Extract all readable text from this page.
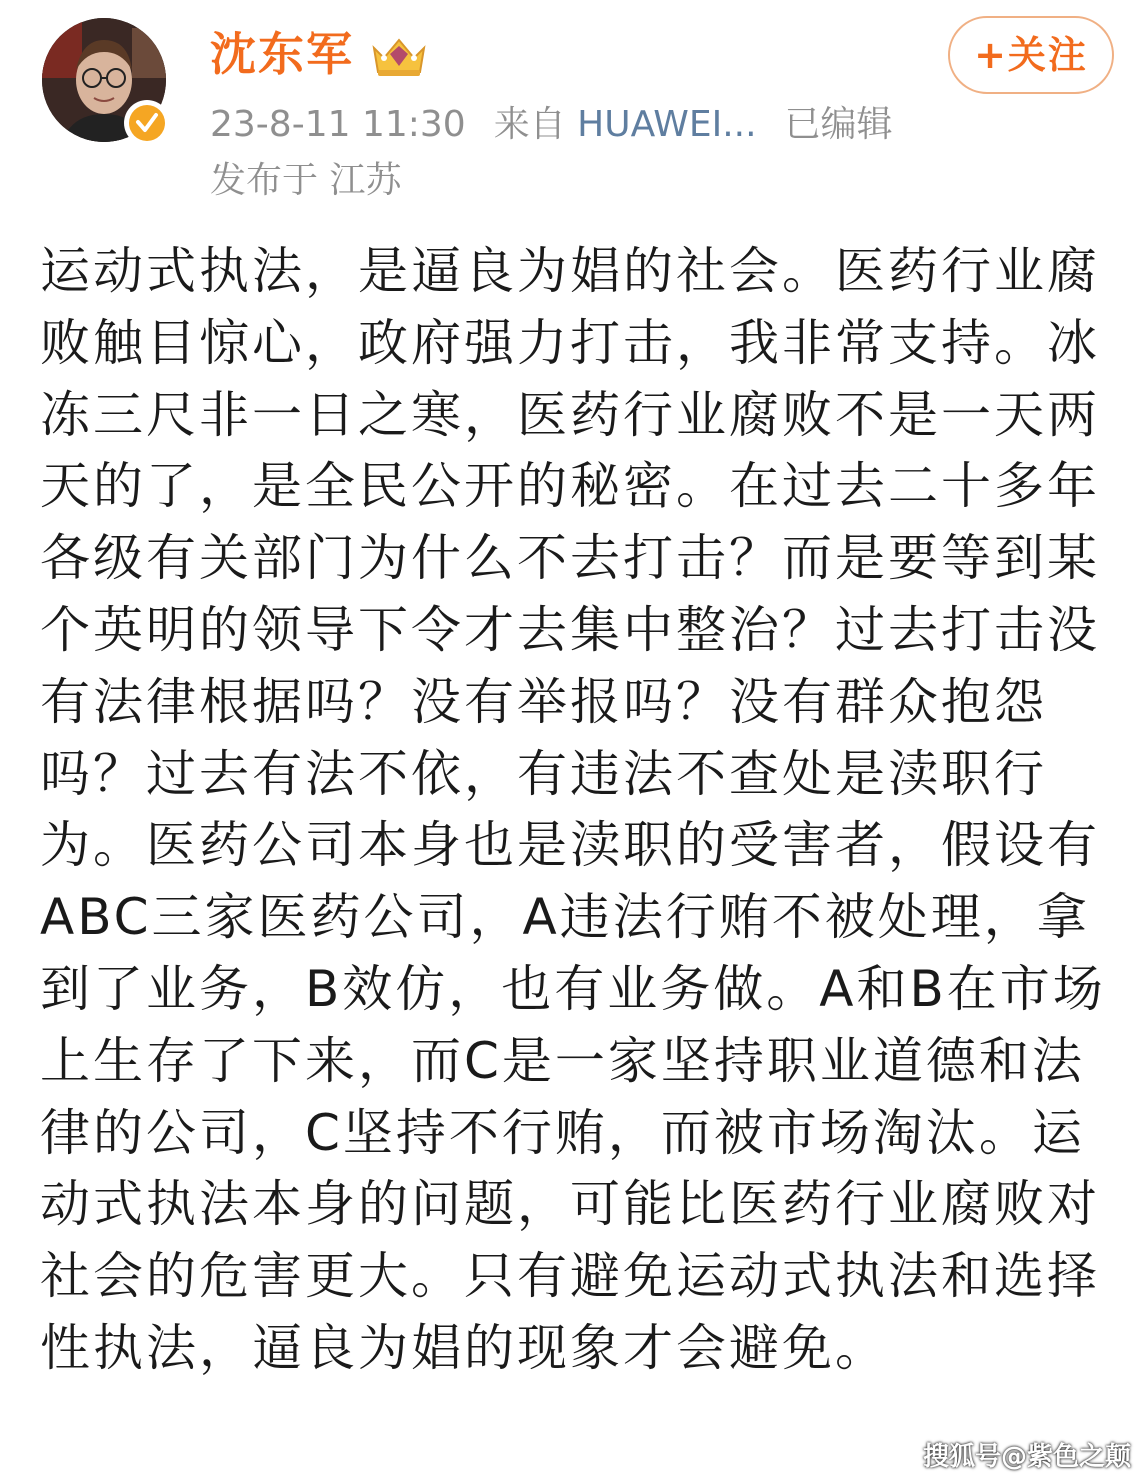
沈东军
23-8-11 11:30 来自 HUAWEI... 已编辑
发布于 江苏
+关注
运动式执法，是逼良为娼的社会。医药行业腐败触目惊心，政府强力打击，我非常支持。冰冻三尺非一日之寒，医药行业腐败不是一天两天的了，是全民公开的秘密。在过去二十多年各级有关部门为什么不去打击？而是要等到某个英明的领导下令才去集中整治？过去打击没有法律根据吗？没有举报吗？没有群众抱怨吗？过去有法不依，有违法不查处是渎职行为。医药公司本身也是渎职的受害者，假设有ABC三家医药公司，A违法行贿不被处理，拿到了业务，B效仿，也有业务做。A和B在市场上生存了下来，而C是一家坚持职业道德和法律的公司，C坚持不行贿，而被市场淘汰。运动式执法本身的问题，可能比医药行业腐败对社会的危害更大。只有避免运动式执法和选择性执法，逼良为娼的现象才会避免。
搜狐号@紫色之颠
